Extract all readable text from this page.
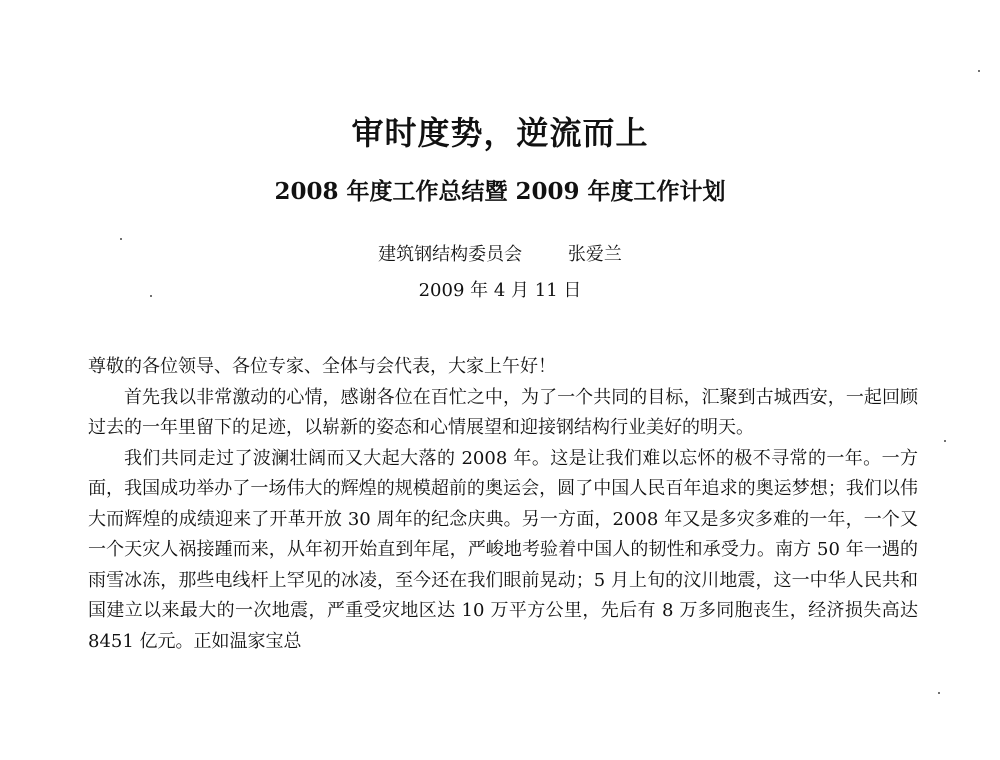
审时度势，逆流而上
2008 年度工作总结暨 2009 年度工作计划
建筑钢结构委员会	张爱兰
2009 年 4 月 11 日

尊敬的各位领导、各位专家、全体与会代表，大家上午好！

首先我以非常激动的心情，感谢各位在百忙之中，为了一个共同的目标，汇聚到古城西安，一起回顾过去的一年里留下的足迹，以崭新的姿态和心情展望和迎接钢结构行业美好的明天。

我们共同走过了波澜壮阔而又大起大落的 2008 年。这是让我们难以忘怀的极不寻常的一年。一方面，我国成功举办了一场伟大的辉煌的规模超前的奥运会，圆了中国人民百年追求的奥运梦想；我们以伟大而辉煌的成绩迎来了开革开放 30 周年的纪念庆典。另一方面，2008 年又是多灾多难的一年，一个又一个天灾人祸接踵而来，从年初开始直到年尾，严峻地考验着中国人的韧性和承受力。南方 50 年一遇的雨雪冰冻，那些电线杆上罕见的冰凌，至今还在我们眼前晃动；5 月上旬的汶川地震，这一中华人民共和国建立以来最大的一次地震，严重受灾地区达 10 万平方公里，先后有 8 万多同胞丧生，经济损失高达 8451 亿元。正如温家宝总
